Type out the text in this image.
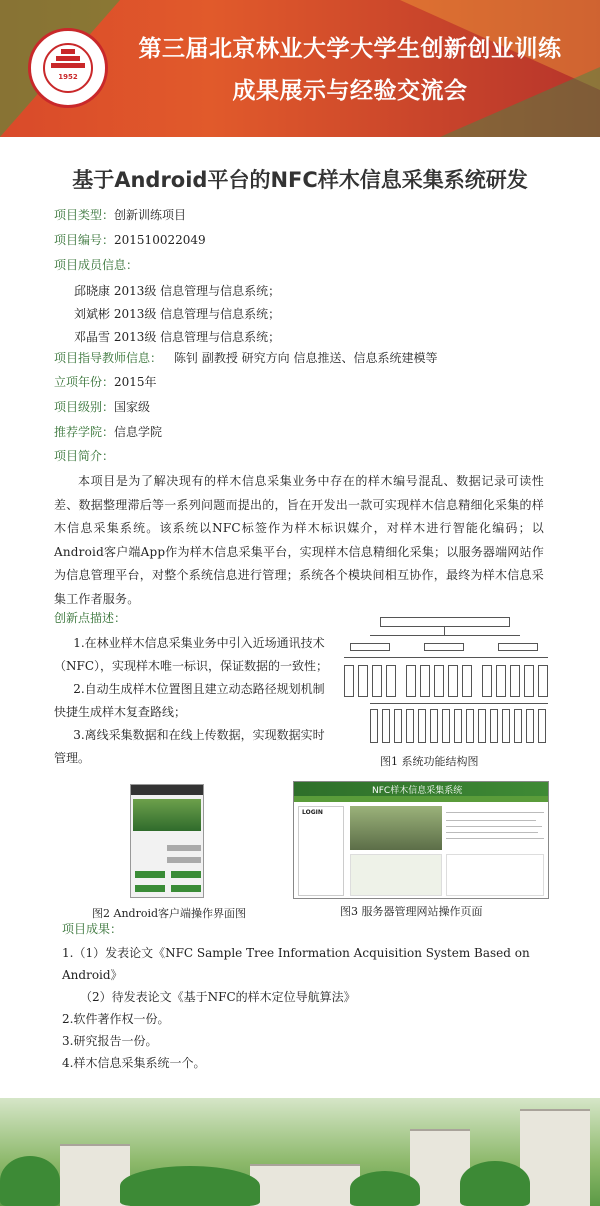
1952
第三届北京林业大学大学生创新创业训练
成果展示与经验交流会
基于Android平台的NFC样木信息采集系统研发
项目类型：创新训练项目
项目编号：201510022049
项目成员信息：
邱晓康 2013级 信息管理与信息系统；
刘斌彬 2013级 信息管理与信息系统；
邓晶雪 2013级 信息管理与信息系统；
项目指导教师信息： 陈钊 副教授 研究方向 信息推送、信息系统建模等
立项年份：2015年
项目级别：国家级
推荐学院：信息学院
项目简介：

本项目是为了解决现有的样木信息采集业务中存在的样木编号混乱、数据记录可读性差、数据整理滞后等一系列问题而提出的，旨在开发出一款可实现样木信息精细化采集的样木信息采集系统。该系统以NFC标签作为样木标识媒介，对样木进行智能化编码；以Android客户端App作为样木信息采集平台，实现样木信息精细化采集；以服务器端网站作为信息管理平台，对整个系统信息进行管理；系统各个模块间相互协作，最终为样木信息采集工作者服务。

创新点描述：

1.在林业样木信息采集业务中引入近场通讯技术（NFC），实现样木唯一标识，保证数据的一致性；

2.自动生成样木位置图且建立动态路径规划机制快捷生成样木复查路线；

3.离线采集数据和在线上传数据，实现数据实时管理。	图1 系统功能结构图
图2 Android客户端操作界面图
NFC样木信息采集系统
LOGIN
图3 服务器管理网站操作页面
项目成果：
1.（1）发表论文《NFC Sample Tree Information Acquisition System Based on Android》
（2）待发表论文《基于NFC的样木定位导航算法》
2.软件著作权一份。
3.研究报告一份。
4.样木信息采集系统一个。
